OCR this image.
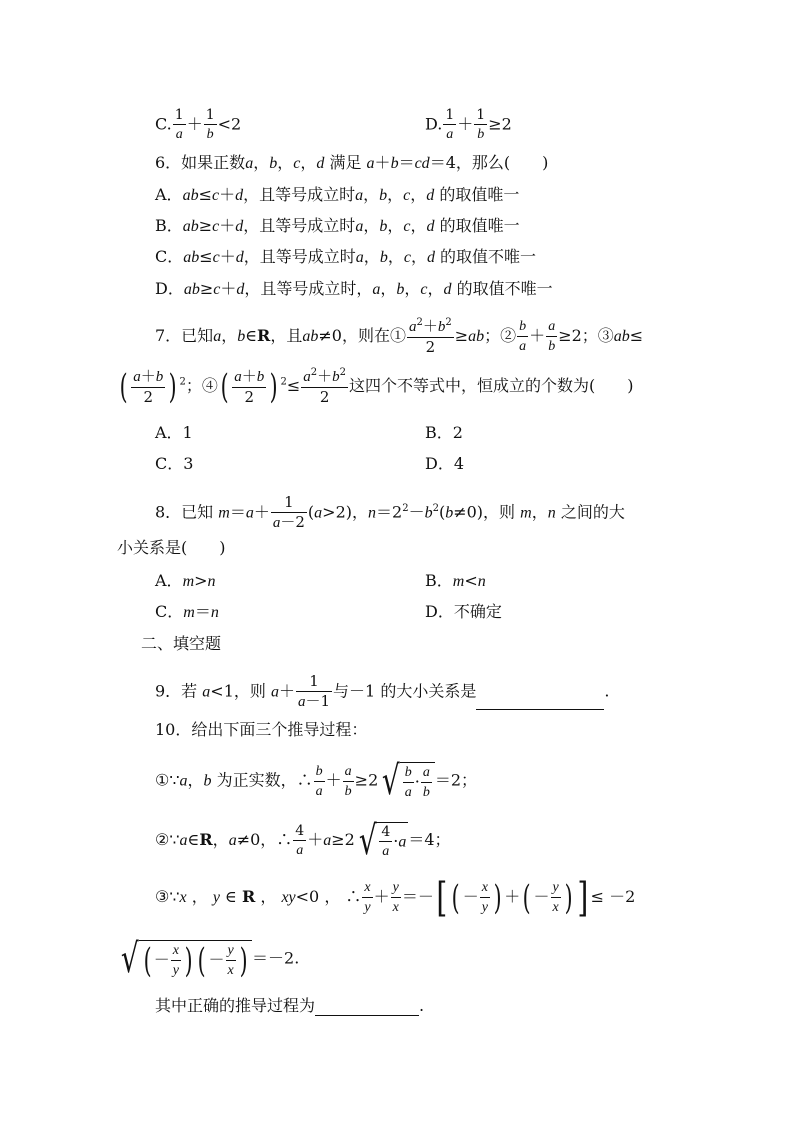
C. $\frac{1}{a} + \frac{1}{b} <2$	D. $\frac{1}{a} + \frac{1}{b} \ge 2$
6．如果正数a，b，c，d 满足 a＋b＝cd＝4，那么(　　)
A．ab≤c＋d，且等号成立时a，b，c，d 的取值唯一
B．ab≥c＋d，且等号成立时a，b，c，d 的取值唯一
C．ab≤c＋d，且等号成立时a，b，c，d 的取值不唯一
D．ab≥c＋d，且等号成立时，a，b，c，d 的取值不唯一
7．已知a，b∈R，且ab≠0，则在① $\frac{a^2+b^2}{2} \ge ab$；② $\frac{b}{a} + \frac{a}{b} \ge 2$；③ab≤
( $\frac{a+b}{2}$ ) $^2$；④( $\frac{a+b}{2}$ ) $^2\le \frac{a^2+b^2}{2}$ 这四个不等式中，恒成立的个数为(　　)
A．1	B．2
C．3	D．4
8．已知 $m=a+ \frac{1}{a-2} (a>2)$，$n=2^2-b^2(b\ne 0)$，则 m，n 之间的大
小关系是(　　)
A．m>n	B．m<n
C．m＝n	D．不确定
二、填空题
9．若 a<1，则 $a+ \frac{1}{a-1}$ 与－1 的大小关系是	.
10．给出下面三个推导过程：
①∵a，b 为正实数，∴ $\frac{b}{a} + \frac{a}{b} \ge 2√ \frac{b}{a} \cdot \frac{a}{b} =2$；
②∵a∈R，a≠0，∴ $\frac{4}{a} +a\ge 2√ \frac{4}{a} \cdot a =4$；
③∵x ， y ∈ R ， xy<0 ， ∴ $\frac{x}{y} + \frac{y}{x}$ ＝－[ ( － $\frac{x}{y}$ ) ＋( － $\frac{y}{x}$ ) ] ≤ －2
√ ( － $\frac{x}{y}$ ) ( － $\frac{y}{x}$ ) ＝－2.
其中正确的推导过程为	.
